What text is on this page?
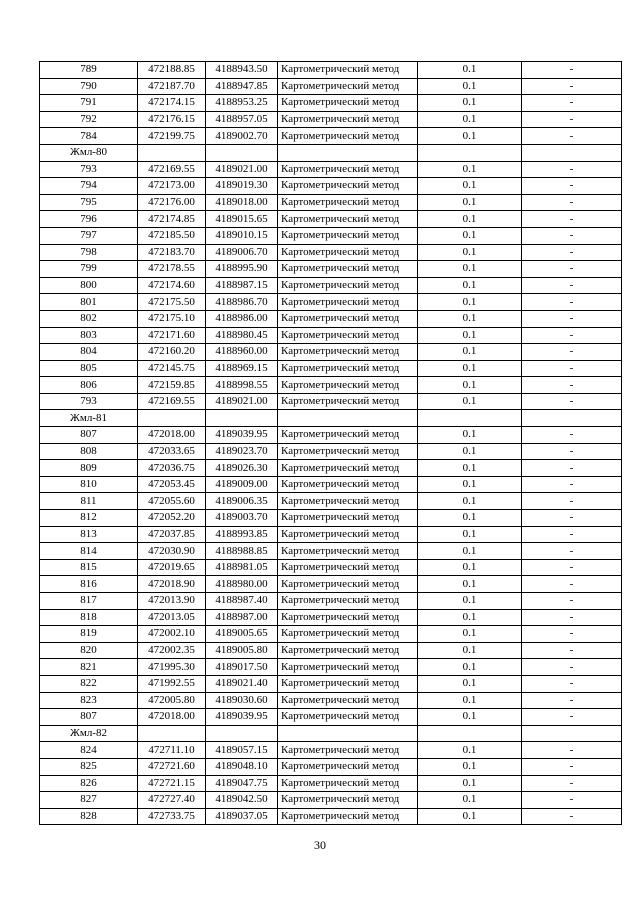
789	472188.85	4188943.50	Картометрический метод	0.1	-
790	472187.70	4188947.85	Картометрический метод	0.1	-
791	472174.15	4188953.25	Картометрический метод	0.1	-
792	472176.15	4188957.05	Картометрический метод	0.1	-
784	472199.75	4189002.70	Картометрический метод	0.1	-
Жмл-80					
793	472169.55	4189021.00	Картометрический метод	0.1	-
794	472173.00	4189019.30	Картометрический метод	0.1	-
795	472176.00	4189018.00	Картометрический метод	0.1	-
796	472174.85	4189015.65	Картометрический метод	0.1	-
797	472185.50	4189010.15	Картометрический метод	0.1	-
798	472183.70	4189006.70	Картометрический метод	0.1	-
799	472178.55	4188995.90	Картометрический метод	0.1	-
800	472174.60	4188987.15	Картометрический метод	0.1	-
801	472175.50	4188986.70	Картометрический метод	0.1	-
802	472175.10	4188986.00	Картометрический метод	0.1	-
803	472171.60	4188980.45	Картометрический метод	0.1	-
804	472160.20	4188960.00	Картометрический метод	0.1	-
805	472145.75	4188969.15	Картометрический метод	0.1	-
806	472159.85	4188998.55	Картометрический метод	0.1	-
793	472169.55	4189021.00	Картометрический метод	0.1	-
Жмл-81					
807	472018.00	4189039.95	Картометрический метод	0.1	-
808	472033.65	4189023.70	Картометрический метод	0.1	-
809	472036.75	4189026.30	Картометрический метод	0.1	-
810	472053.45	4189009.00	Картометрический метод	0.1	-
811	472055.60	4189006.35	Картометрический метод	0.1	-
812	472052.20	4189003.70	Картометрический метод	0.1	-
813	472037.85	4188993.85	Картометрический метод	0.1	-
814	472030.90	4188988.85	Картометрический метод	0.1	-
815	472019.65	4188981.05	Картометрический метод	0.1	-
816	472018.90	4188980.00	Картометрический метод	0.1	-
817	472013.90	4188987.40	Картометрический метод	0.1	-
818	472013.05	4188987.00	Картометрический метод	0.1	-
819	472002.10	4189005.65	Картометрический метод	0.1	-
820	472002.35	4189005.80	Картометрический метод	0.1	-
821	471995.30	4189017.50	Картометрический метод	0.1	-
822	471992.55	4189021.40	Картометрический метод	0.1	-
823	472005.80	4189030.60	Картометрический метод	0.1	-
807	472018.00	4189039.95	Картометрический метод	0.1	-
Жмл-82					
824	472711.10	4189057.15	Картометрический метод	0.1	-
825	472721.60	4189048.10	Картометрический метод	0.1	-
826	472721.15	4189047.75	Картометрический метод	0.1	-
827	472727.40	4189042.50	Картометрический метод	0.1	-
828	472733.75	4189037.05	Картометрический метод	0.1	-
30
